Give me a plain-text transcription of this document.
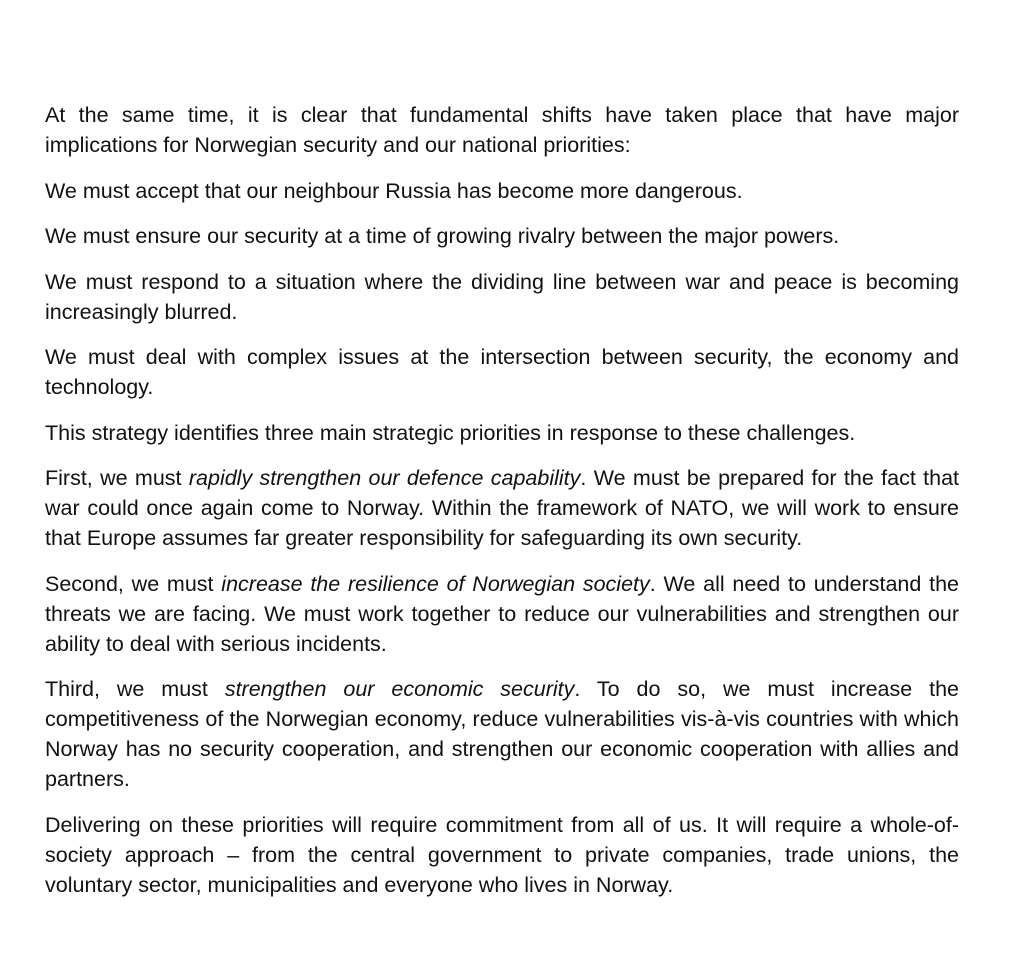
At the same time, it is clear that fundamental shifts have taken place that have major implications for Norwegian security and our national priorities:

We must accept that our neighbour Russia has become more dangerous.

We must ensure our security at a time of growing rivalry between the major powers.

We must respond to a situation where the dividing line between war and peace is becoming increasingly blurred.

We must deal with complex issues at the intersection between security, the economy and technology.

This strategy identifies three main strategic priorities in response to these challenges.

First, we must rapidly strengthen our defence capability. We must be prepared for the fact that war could once again come to Norway. Within the framework of NATO, we will work to ensure that Europe assumes far greater responsibility for safeguarding its own security.

Second, we must increase the resilience of Norwegian society. We all need to understand the threats we are facing. We must work together to reduce our vulnerabilities and strengthen our ability to deal with serious incidents.

Third, we must strengthen our economic security. To do so, we must increase the competitiveness of the Norwegian economy, reduce vulnerabilities vis-à-vis countries with which Norway has no security cooperation, and strengthen our economic cooperation with allies and partners.

Delivering on these priorities will require commitment from all of us. It will require a whole-of-society approach – from the central government to private companies, trade unions, the voluntary sector, municipalities and everyone who lives in Norway.
